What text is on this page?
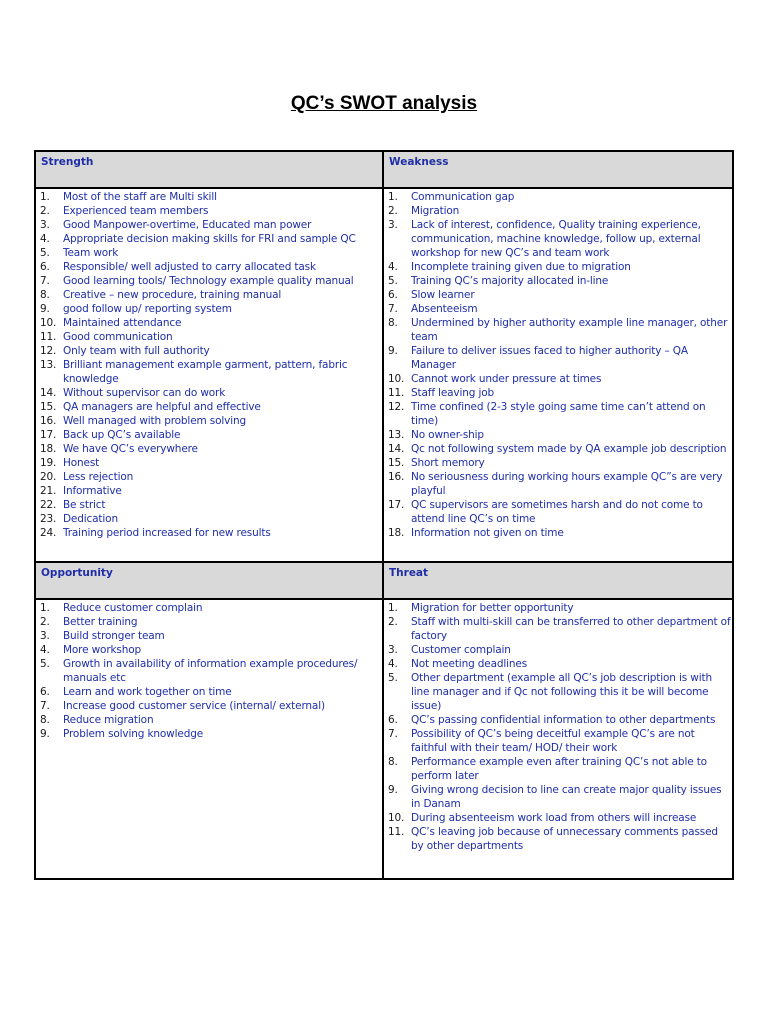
QC’s SWOT analysis
Strength	Weakness
1. Most of the staff are Multi skill
2. Experienced team members
3. Good Manpower-overtime, Educated man power
4. Appropriate decision making skills for FRI and sample QC
5. Team work
6. Responsible/ well adjusted to carry allocated task
7. Good learning tools/ Technology example quality manual
8. Creative – new procedure, training manual
9. good follow up/ reporting system
10. Maintained attendance
11. Good communication
12. Only team with full authority
13. Brilliant management example garment, pattern, fabric knowledge
14. Without supervisor can do work
15. QA managers are helpful and effective
16. Well managed with problem solving
17. Back up QC’s available
18. We have QC’s everywhere
19. Honest
20. Less rejection
21. Informative
22. Be strict
23. Dedication
24. Training period increased for new results
1. Communication gap
2. Migration
3. Lack of interest, confidence, Quality training experience, communication, machine knowledge, follow up, external workshop for new QC’s and team work
4. Incomplete training given due to migration
5. Training QC’s majority allocated in-line
6. Slow learner
7. Absenteeism
8. Undermined by higher authority example line manager, other team
9. Failure to deliver issues faced to higher authority – QA Manager
10. Cannot work under pressure at times
11. Staff leaving job
12. Time confined (2-3 style going same time can’t attend on time)
13. No owner-ship
14. Qc not following system made by QA example job description
15. Short memory
16. No seriousness during working hours example QC”s are very playful
17. QC supervisors are sometimes harsh and do not come to attend line QC’s on time
18. Information not given on time
Opportunity	Threat
1. Reduce customer complain
2. Better training
3. Build stronger team
4. More workshop
5. Growth in availability of information example procedures/ manuals etc
6. Learn and work together on time
7. Increase good customer service (internal/ external)
8. Reduce migration
9. Problem solving knowledge
1. Migration for better opportunity
2. Staff with multi-skill can be transferred to other department of factory
3. Customer complain
4. Not meeting deadlines
5. Other department (example all QC’s job description is with line manager and if Qc not following this it be will become issue)
6. QC’s passing confidential information to other departments
7. Possibility of QC’s being deceitful example QC’s are not faithful with their team/ HOD/ their work
8. Performance example even after training QC’s not able to perform later
9. Giving wrong decision to line can create major quality issues in Danam
10. During absenteeism work load from others will increase
11. QC’s leaving job because of unnecessary comments passed by other departments
